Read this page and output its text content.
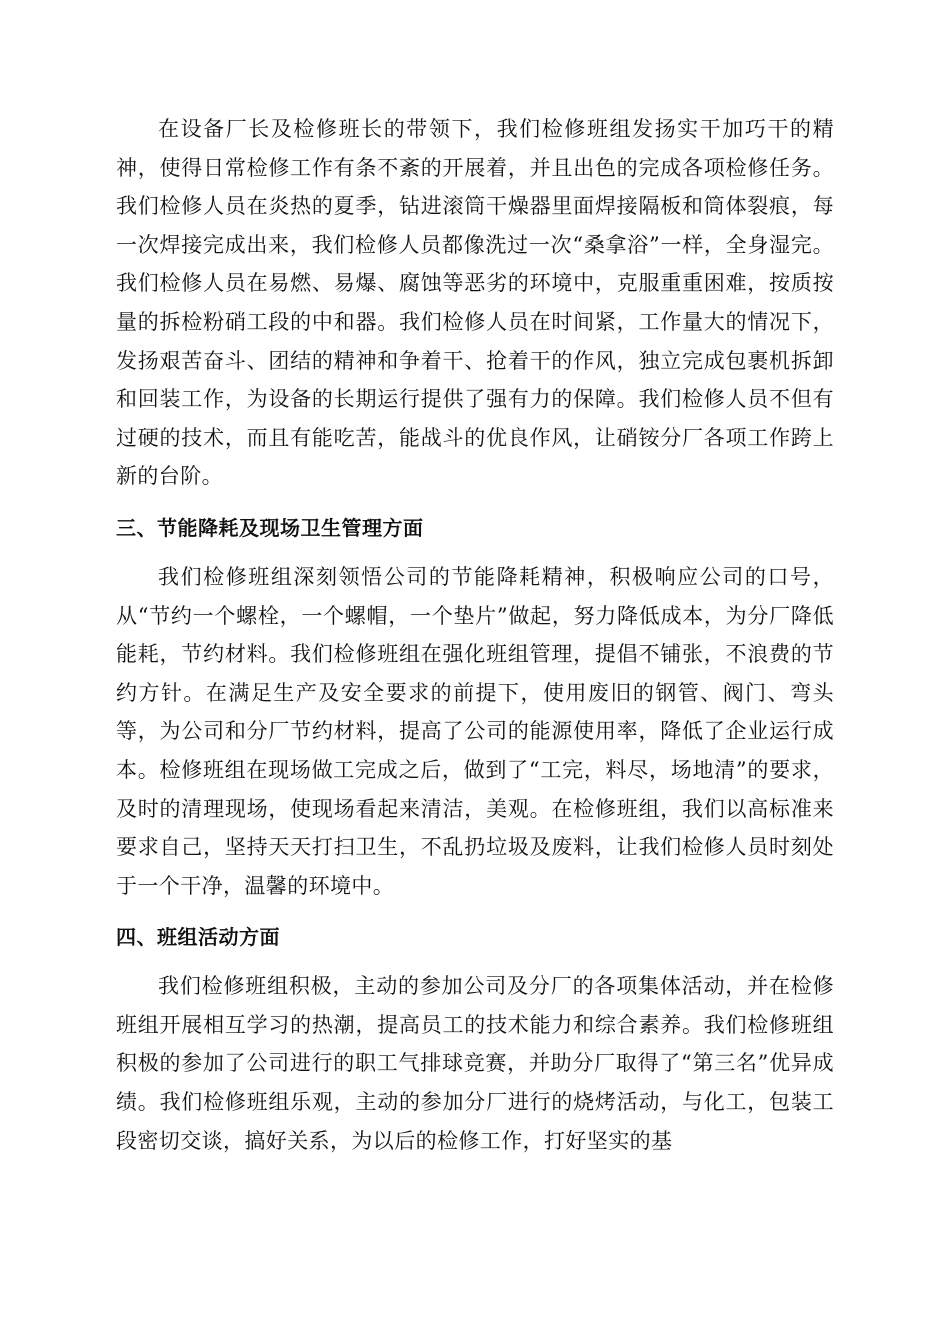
在设备厂长及检修班长的带领下，我们检修班组发扬实干加巧干的精神，使得日常检修工作有条不紊的开展着，并且出色的完成各项检修任务。我们检修人员在炎热的夏季，钻进滚筒干燥器里面焊接隔板和筒体裂痕，每一次焊接完成出来，我们检修人员都像洗过一次“桑拿浴”一样，全身湿完。我们检修人员在易燃、易爆、腐蚀等恶劣的环境中，克服重重困难，按质按量的拆检粉硝工段的中和器。我们检修人员在时间紧，工作量大的情况下，发扬艰苦奋斗、团结的精神和争着干、抢着干的作风，独立完成包裹机拆卸和回装工作，为设备的长期运行提供了强有力的保障。我们检修人员不但有过硬的技术，而且有能吃苦，能战斗的优良作风，让硝铵分厂各项工作跨上新的台阶。

三、节能降耗及现场卫生管理方面

我们检修班组深刻领悟公司的节能降耗精神，积极响应公司的口号，从“节约一个螺栓，一个螺帽，一个垫片”做起，努力降低成本，为分厂降低能耗，节约材料。我们检修班组在强化班组管理，提倡不铺张，不浪费的节约方针。在满足生产及安全要求的前提下，使用废旧的钢管、阀门、弯头等，为公司和分厂节约材料，提高了公司的能源使用率，降低了企业运行成本。检修班组在现场做工完成之后，做到了“工完，料尽，场地清”的要求，及时的清理现场，使现场看起来清洁，美观。在检修班组，我们以高标准来要求自己，坚持天天打扫卫生，不乱扔垃圾及废料，让我们检修人员时刻处于一个干净，温馨的环境中。

四、班组活动方面

我们检修班组积极，主动的参加公司及分厂的各项集体活动，并在检修班组开展相互学习的热潮，提高员工的技术能力和综合素养。我们检修班组积极的参加了公司进行的职工气排球竞赛，并助分厂取得了“第三名”优异成绩。我们检修班组乐观，主动的参加分厂进行的烧烤活动，与化工，包装工段密切交谈，搞好关系，为以后的检修工作，打好坚实的基
